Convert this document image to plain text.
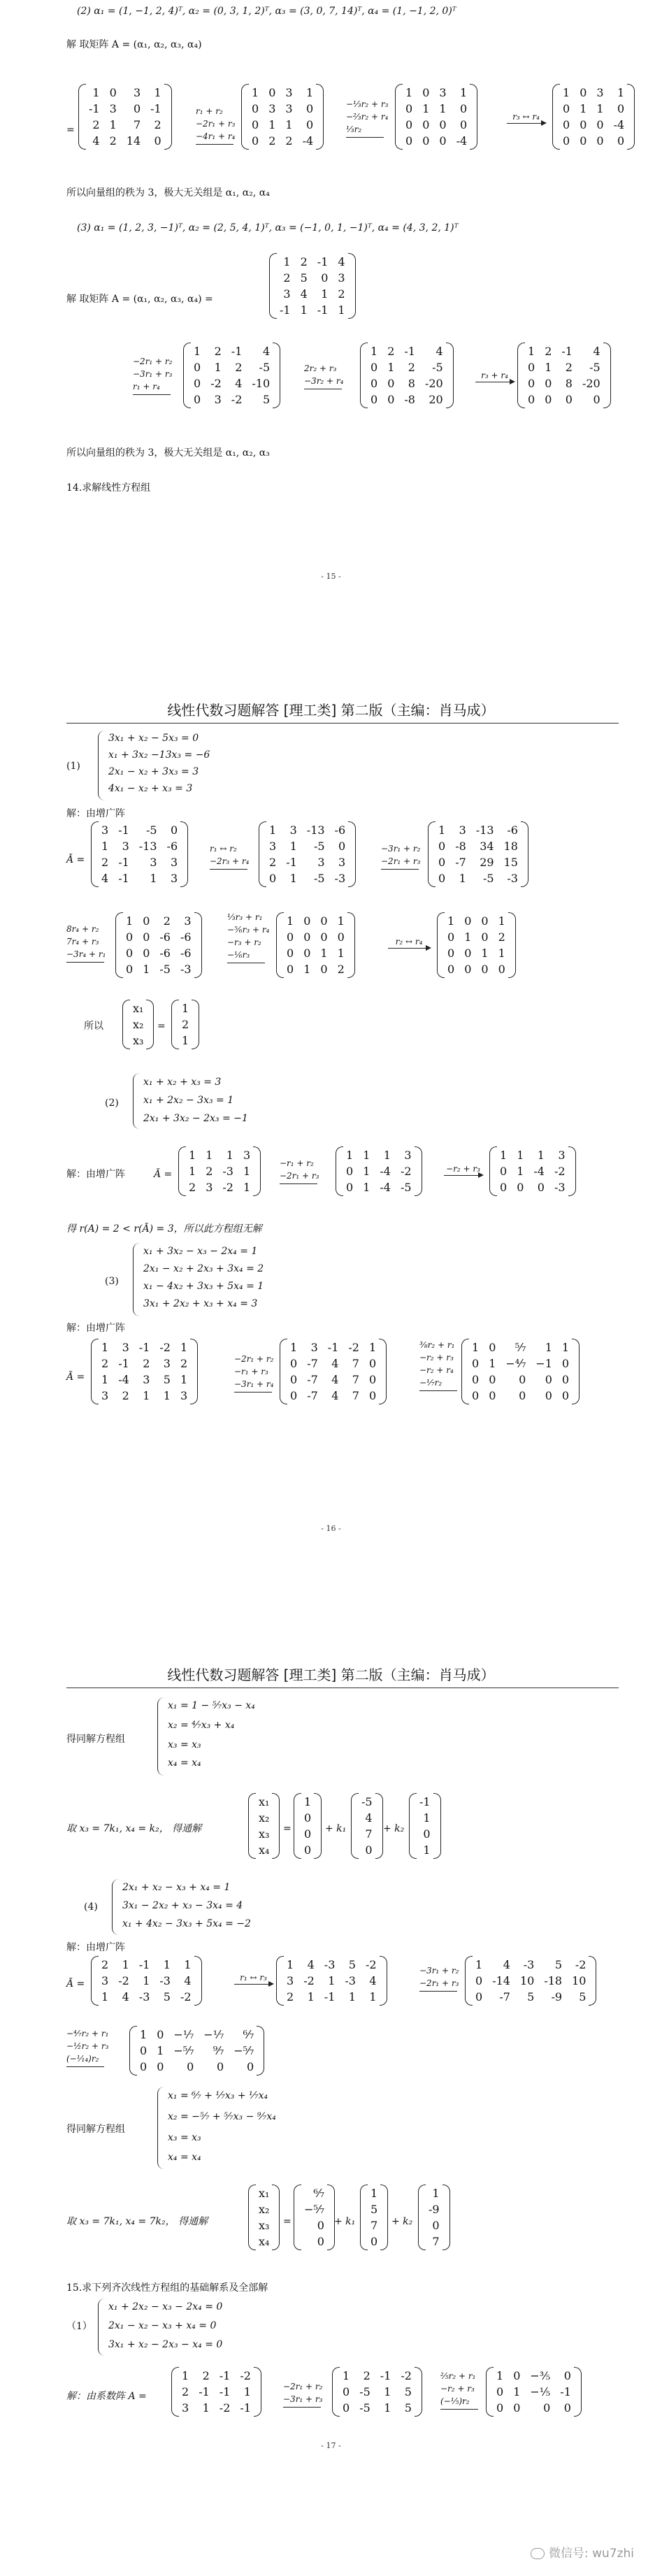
(2) α₁ = (1, −1, 2, 4)ᵀ, α₂ = (0, 3, 1, 2)ᵀ, α₃ = (3, 0, 7, 14)ᵀ, α₄ = (1, −1, 2, 0)ᵀ
解 取矩阵 A = (α₁, α₂, α₃, α₄)
=
1 0	3	1
-1 3	0 -1
2 1	7	2
4 2 14	0
r₁ + r₂
−2r₁ + r₃
−4r₁ + r₄
1 0 3	1
0 3 3	0
0 1 1	0
0 2 2 -4
−⅓r₂ + r₃
−⅔r₂ + r₄
⅓r₂
1 0 3	1
0 1 1	0
0 0 0	0
0 0 0 -4
r₃ ↔ r₄
1 0 3	1
0 1 1	0
0 0 0 -4
0 0 0	0
所以向量组的秩为 3，极大无关组是 α₁, α₂, α₄
(3) α₁ = (1, 2, 3, −1)ᵀ, α₂ = (2, 5, 4, 1)ᵀ, α₃ = (−1, 0, 1, −1)ᵀ, α₄ = (4, 3, 2, 1)ᵀ
解 取矩阵 A = (α₁, α₂, α₃, α₄) =
1 2 -1 4
2 5	0 3
3 4	1 2
-1 1 -1 1
−2r₁ + r₂
−3r₁ + r₃
r₁ + r₄
1	2 -1	4
0	1	2	-5
0 -2	4 -10
0	3 -2	5
2r₂ + r₃
−3r₂ + r₄
1 2 -1	4
0 1	2	-5
0 0	8 -20
0 0 -8	20
r₃ + r₄
1 2 -1	4
0 1	2	-5
0 0	8 -20
0 0	0	0
所以向量组的秩为 3，极大无关组是 α₁, α₂, α₃
14.求解线性方程组
- 15 -
线性代数习题解答 [理工类] 第二版（主编：肖马成）
(1)
3x₁ + x₂ − 5x₃ = 0
x₁ + 3x₂ −13x₃ = −6
2x₁ − x₂ + 3x₃ = 3
4x₁ − x₂ + x₃ = 3
解：由增广阵
Ā =
3 -1	-5	0
1	3 -13 -6
2 -1	3	3
4 -1	1	3
r₁ ↔ r₂
−2r₃ + r₄
1	3 -13 -6
3	1	-5	0
2 -1	3	3
0	1	-5 -3
−3r₁ + r₂
−2r₁ + r₃
1	3 -13 -6
0 -8	34 18
0 -7	29 15
0	1	-5 -3
8r₄ + r₂
7r₄ + r₃
−3r₄ + r₁
1 0	2	3
0 0 -6 -6
0 0 -6 -6
0 1 -5 -3
⅓r₃ + r₁
−⅚r₃ + r₄
−r₃ + r₂
−⅙r₃
1 0 0 1
0 0 0 0
0 0 1 1
0 1 0 2
r₂ ↔ r₄
1 0 0 1
0 1 0 2
0 0 1 1
0 0 0 0
所以
x₁
x₂
x₃
=
1
2
1
(2)
x₁ + x₂ + x₃ = 3
x₁ + 2x₂ − 3x₃ = 1
2x₁ + 3x₂ − 2x₃ = −1
解：由增广阵	Ā =
1 1	1 3
1 2 -3 1
2 3 -2 1
−r₁ + r₂
−2r₁ + r₃
1 1	1	3
0 1 -4 -2
0 1 -4 -5
−r₂ + r₃
1 1	1	3
0 1 -4 -2
0 0	0 -3
得 r(A) = 2 < r(Ā) = 3，所以此方程组无解
(3)
x₁ + 3x₂ − x₃ − 2x₄ = 1
2x₁ − x₂ + 2x₃ + 3x₄ = 2
x₁ − 4x₂ + 3x₃ + 5x₄ = 1
3x₁ + 2x₂ + x₃ + x₄ = 3
解：由增广阵
Ā =
1	3 -1 -2 1
2 -1	2	3 2
1 -4	3	5 1
3	2	1	1 3
−2r₁ + r₂
−r₁ + r₃
−3r₁ + r₄
1	3 -1 -2 1
0 -7	4	7 0
0 -7	4	7 0
0 -7	4	7 0
⅜r₂ + r₁
−r₂ + r₃
−r₂ + r₄
−⅐r₂
1 0	⁵⁄₇	1 1
0 1 −⁴⁄₇ −1 0
0 0	0	0 0
0 0	0	0 0
- 16 -
线性代数习题解答 [理工类] 第二版（主编：肖马成）
得同解方程组
x₁ = 1 − ⁵⁄₇x₃ − x₄
x₂ = ⁴⁄₇x₃ + x₄
x₃ = x₃
x₄ = x₄
取 x₃ = 7k₁, x₄ = k₂， 得通解
x₁
x₂
x₃
x₄
=
1
0
0
0
+ k₁
-5
4
7
0
+ k₂
-1
1
0
1
(4)
2x₁ + x₂ − x₃ + x₄ = 1
3x₁ − 2x₂ + x₃ − 3x₄ = 4
x₁ + 4x₂ − 3x₃ + 5x₄ = −2
解：由增广阵
Ā =
2	1 -1	1	1
3 -2	1 -3	4
1	4 -3	5 -2
r₁ ↔ r₃
1	4 -3	5 -2
3 -2	1 -3	4
2	1 -1	1	1
−3r₁ + r₂
−2r₁ + r₃
1	4 -3	5 -2
0 -14 10 -18 10
0	-7	5	-9	5
−⁴⁄₇r₂ + r₁
−½r₂ + r₃
(−¹⁄₁₄)r₂
1 0 −⅐ −⅐	⁶⁄₇
0 1 −⁵⁄₇	⁹⁄₇ −⁵⁄₇
0 0	0	0	0
得同解方程组
x₁ = ⁶⁄₇ + ⅐x₃ + ⅐x₄
x₂ = −⁵⁄₇ + ⁵⁄₇x₃ − ⁹⁄₇x₄
x₃ = x₃
x₄ = x₄
取 x₃ = 7k₁, x₄ = 7k₂， 得通解
x₁
x₂
x₃
x₄
=
⁶⁄₇
−⁵⁄₇
0
0
+ k₁
1
5
7
0
+ k₂
1
-9
0
7
15.求下列齐次线性方程组的基础解系及全部解
（1）
x₁ + 2x₂ − x₃ − 2x₄ = 0
2x₁ − x₂ − x₃ + x₄ = 0
3x₁ + x₂ − 2x₃ − x₄ = 0
解：由系数阵 A =
1	2 -1 -2
2 -1 -1	1
3	1 -2 -1
−2r₁ + r₂
−3r₁ + r₃
1	2 -1 -2
0 -5	1	5
0 -5	1	5
⅖r₂ + r₁
−r₂ + r₃
(−⅕)r₂
1 0 −⅗	0
0 1 −⅕ -1
0 0	0	0
- 17 -
微信号: wu7zhi
